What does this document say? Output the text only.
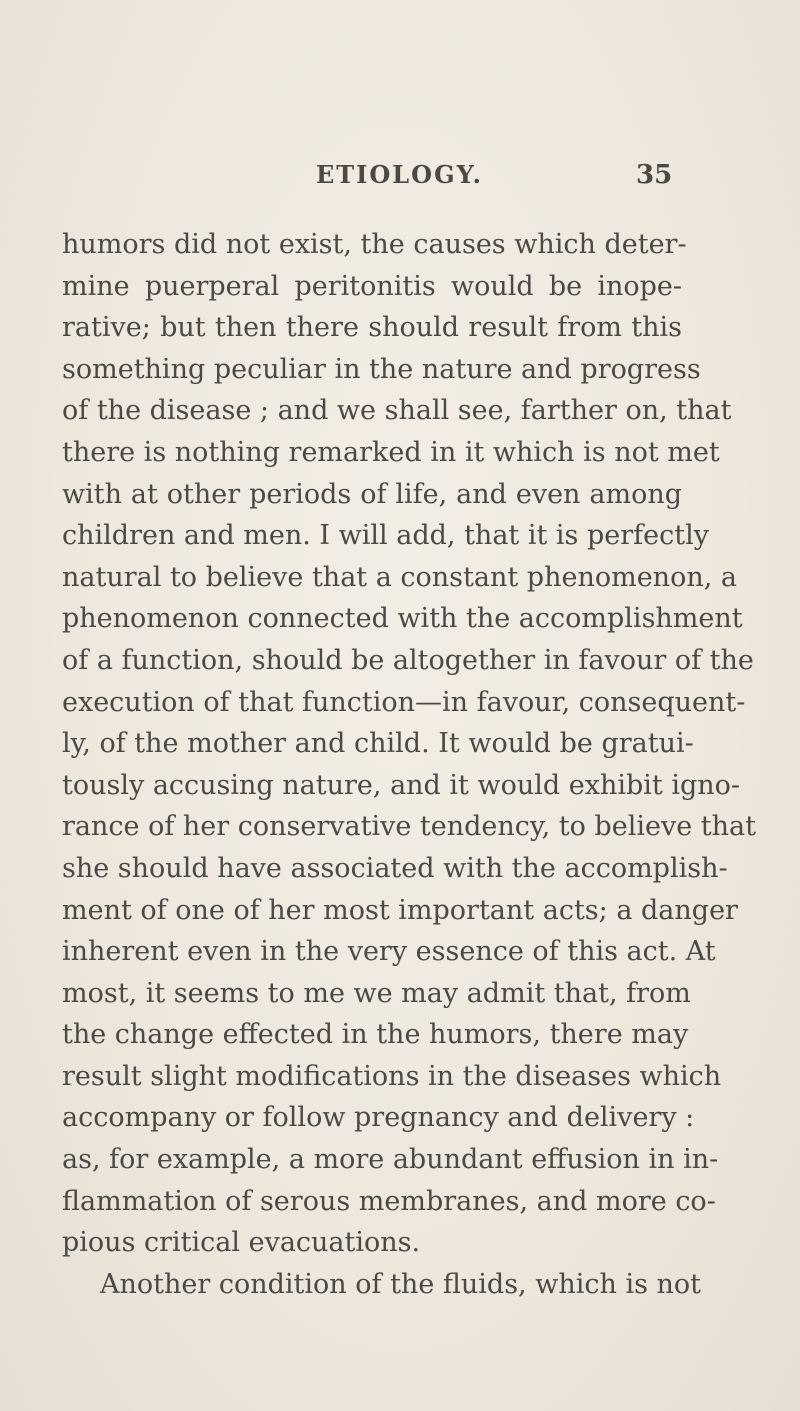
ETIOLOGY.	35
humors did not exist, the causes which deter-
mine puerperal peritonitis would be inope-
rative; but then there should result from this
something peculiar in the nature and progress
of the disease ; and we shall see, farther on, that
there is nothing remarked in it which is not met
with at other periods of life, and even among
children and men. I will add, that it is perfectly
natural to believe that a constant phenomenon, a
phenomenon connected with the accomplishment
of a function, should be altogether in favour of the
execution of that function—in favour, consequent-
ly, of the mother and child. It would be gratui-
tously accusing nature, and it would exhibit igno-
rance of her conservative tendency, to believe that
she should have associated with the accomplish-
ment of one of her most important acts; a danger
inherent even in the very essence of this act. At
most, it seems to me we may admit that, from
the change effected in the humors, there may
result slight modifications in the diseases which
accompany or follow pregnancy and delivery :
as, for example, a more abundant effusion in in-
flammation of serous membranes, and more co-
pious critical evacuations.
Another condition of the fluids, which is not
